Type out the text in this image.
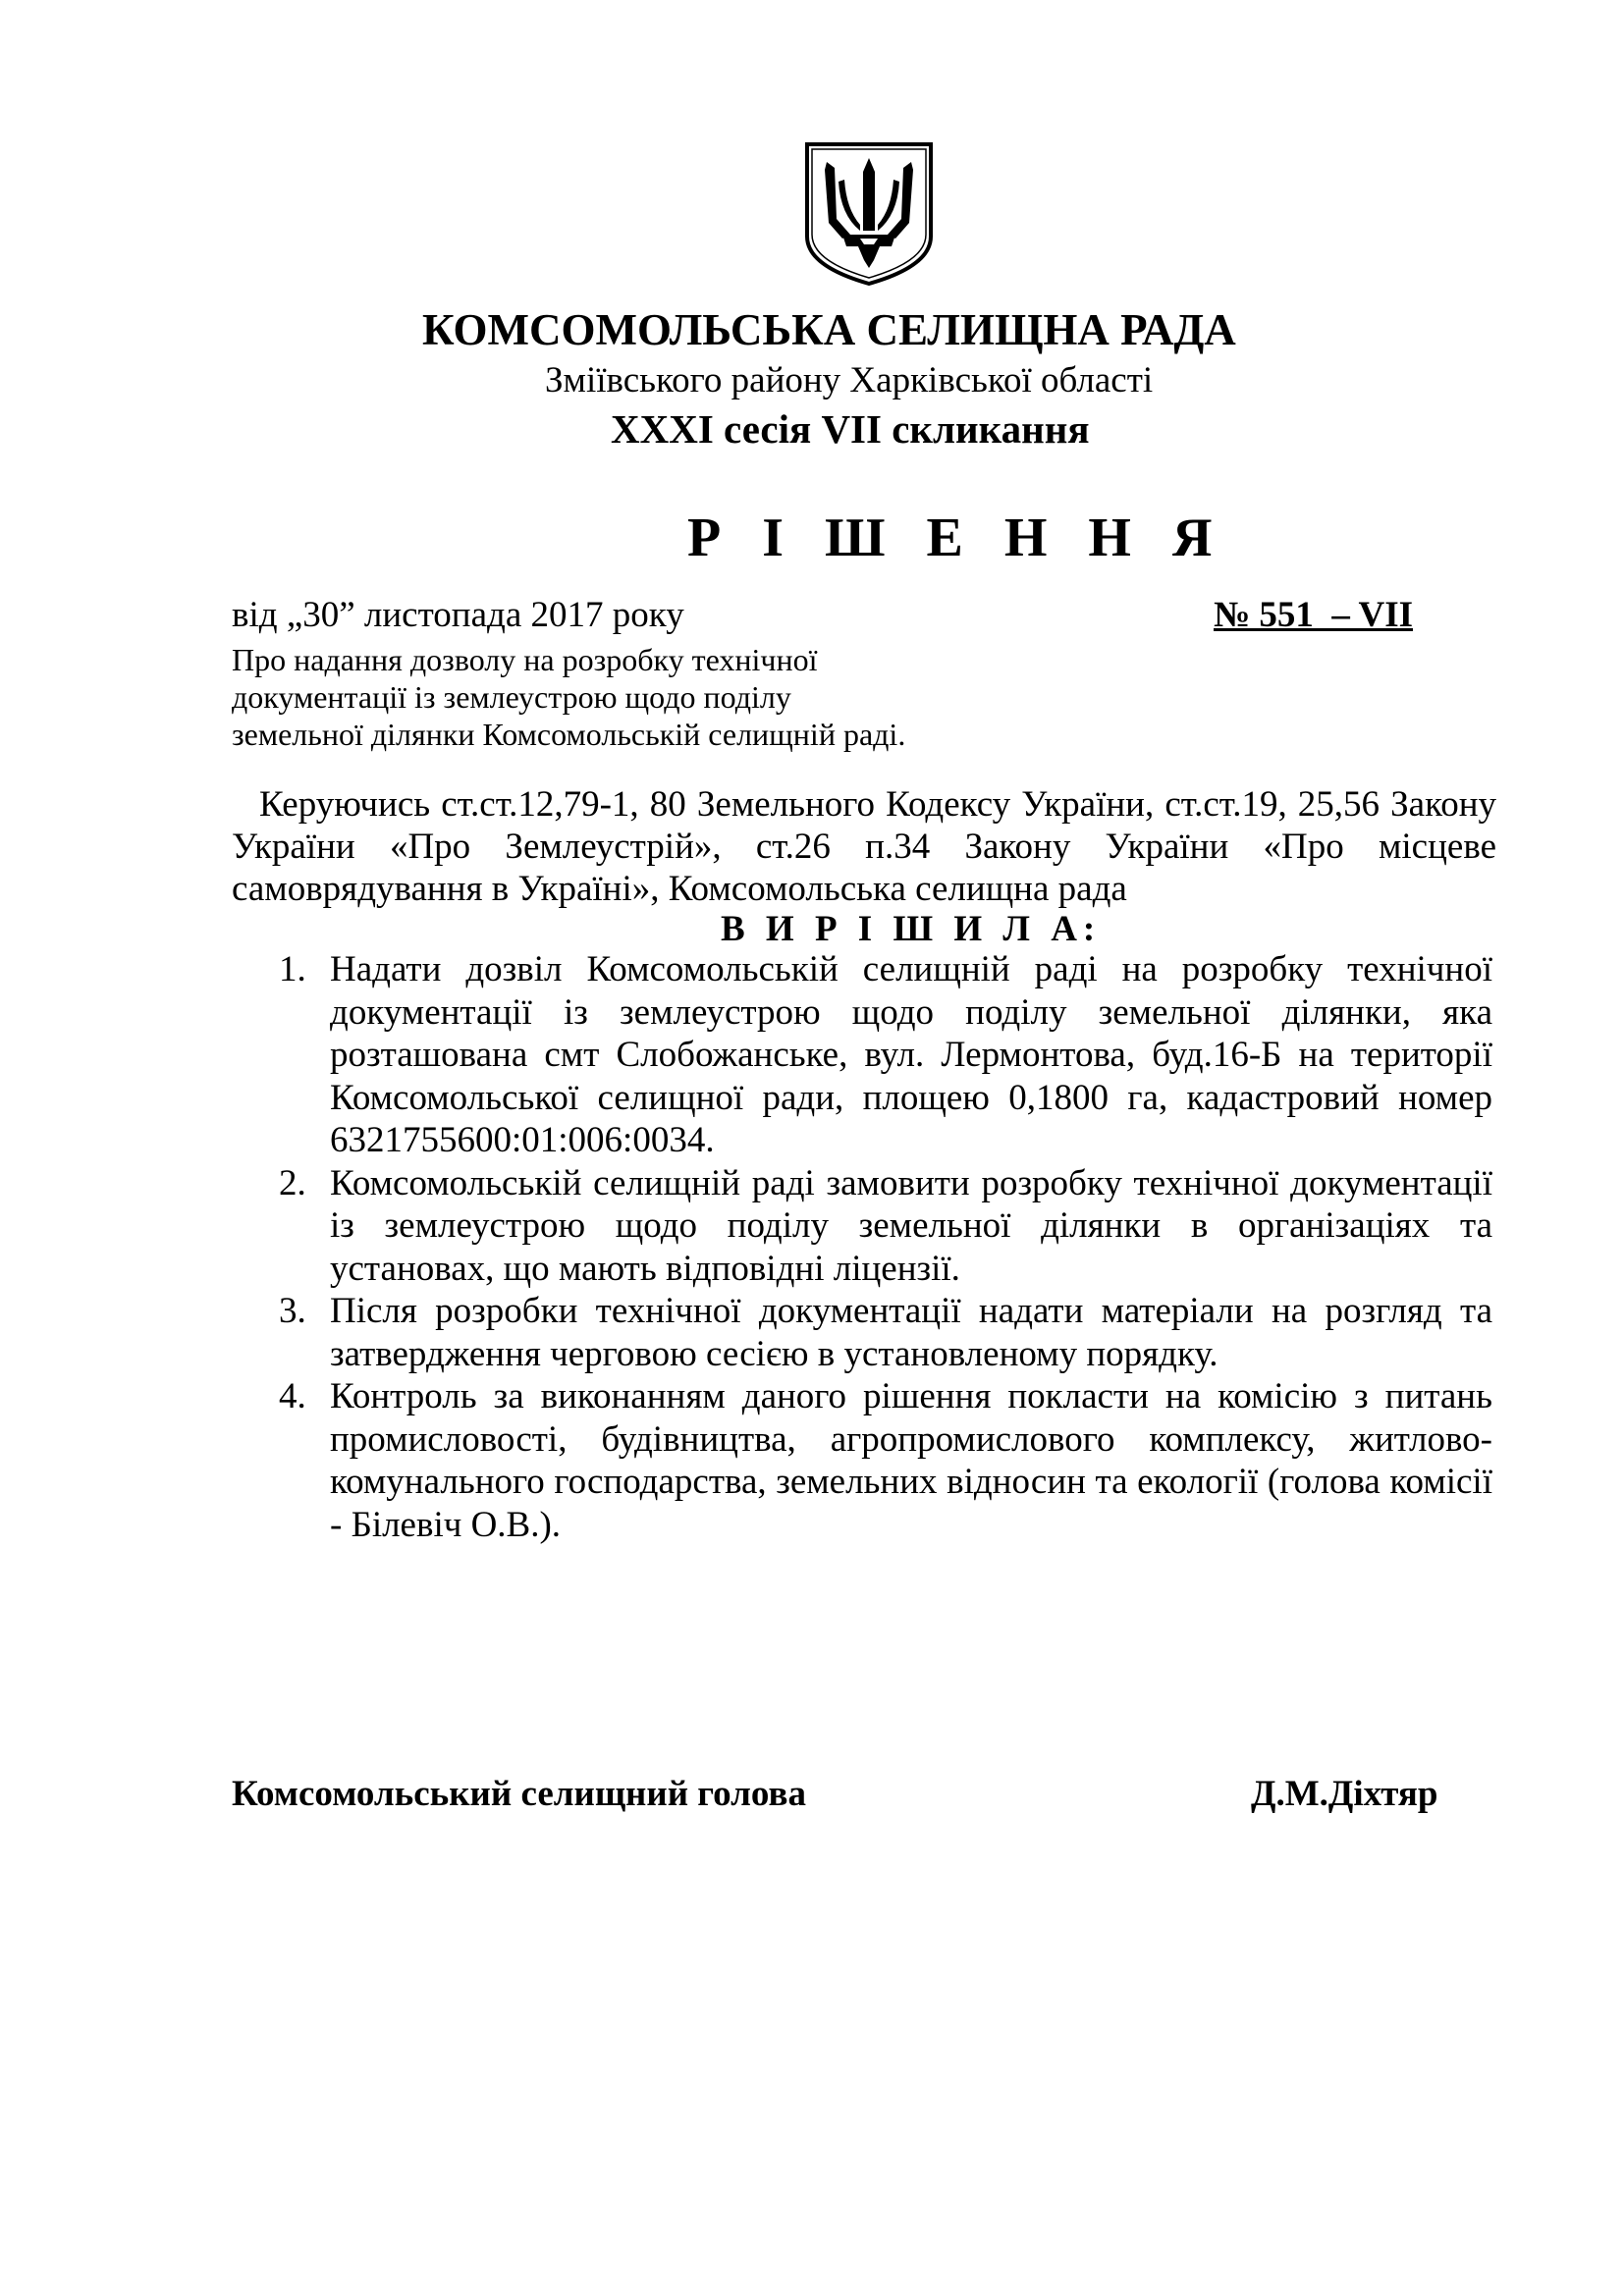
КОМСОМОЛЬСЬКА СЕЛИЩНА РАДА
Зміївського району Харківської області
XXXI сесія VII скликання
Р І Ш Е Н Н Я
від „30” листопада 2017 року	№ 551  – VII
Про надання дозволу на розробку технічної
документації із землеустрою щодо поділу
земельної ділянки Комсомольській селищній раді.
Керуючись ст.ст.12,79-1, 80 Земельного Кодексу України, ст.ст.19, 25,56 Закону України «Про Землеустрій», ст.26 п.34 Закону України «Про місцеве самоврядування в Україні», Комсомольська селищна рада
В И Р І Ш И Л А:
1. Надати дозвіл Комсомольській селищній раді на розробку технічної документації із землеустрою щодо поділу земельної ділянки, яка розташована смт Слобожанське, вул. Лермонтова, буд.16-Б на території Комсомольської селищної ради, площею 0,1800 га, кадастровий номер 6321755600:01:006:0034.
2. Комсомольській селищній раді замовити розробку технічної документації із землеустрою щодо поділу земельної ділянки в організаціях та установах, що мають відповідні ліцензії.
3. Після розробки технічної документації надати матеріали на розгляд та затвердження черговою сесією в установленому порядку.
4. Контроль за виконанням даного рішення покласти на комісію з питань промисловості, будівництва, агропромислового комплексу, житлово-комунального господарства, земельних відносин та екології (голова комісії - Білевіч О.В.).
Комсомольський селищний голова	Д.М.Діхтяр
